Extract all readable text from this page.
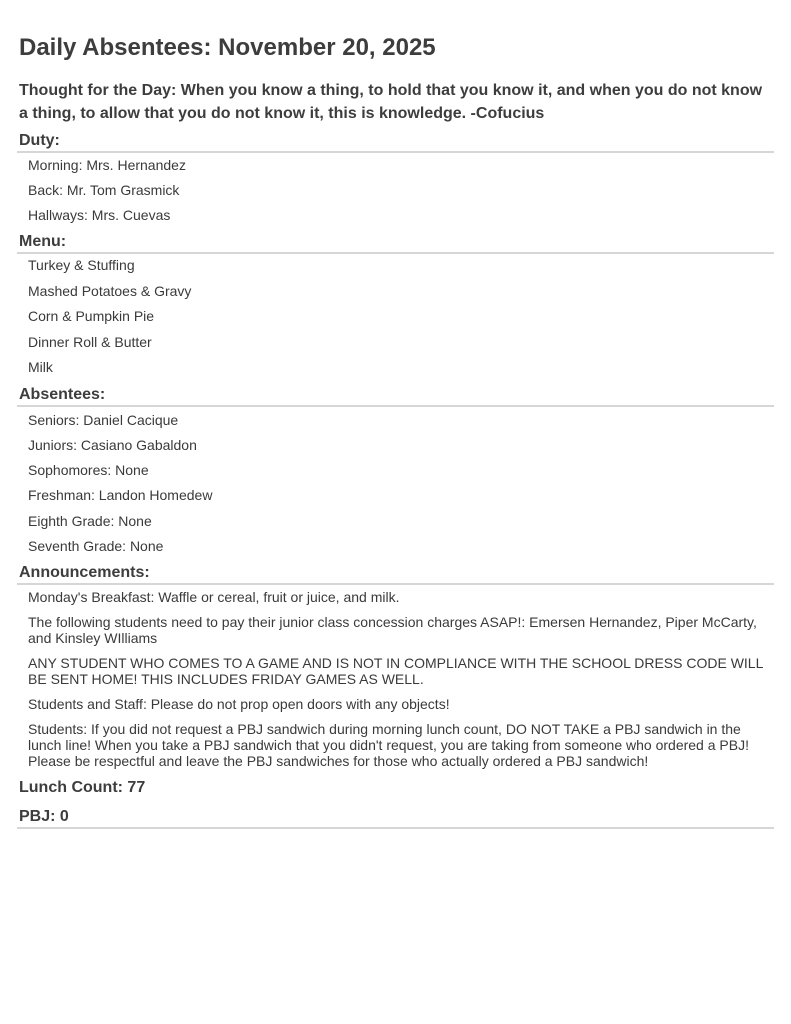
Daily Absentees: November 20, 2025
Thought for the Day: When you know a thing, to hold that you know it, and when you do not know a thing, to allow that you do not know it, this is knowledge. -Cofucius
Duty:
Morning: Mrs. Hernandez
Back: Mr. Tom Grasmick
Hallways: Mrs. Cuevas
Menu:
Turkey & Stuffing
Mashed Potatoes & Gravy
Corn & Pumpkin Pie
Dinner Roll & Butter
Milk
Absentees:
Seniors: Daniel Cacique
Juniors: Casiano Gabaldon
Sophomores: None
Freshman: Landon Homedew
Eighth Grade: None
Seventh Grade: None
Announcements:
Monday's Breakfast: Waffle or cereal, fruit or juice, and milk.
The following students need to pay their junior class concession charges ASAP!: Emersen Hernandez, Piper McCarty, and Kinsley WIlliams
ANY STUDENT WHO COMES TO A GAME AND IS NOT IN COMPLIANCE WITH THE SCHOOL DRESS CODE WILL BE SENT HOME! THIS INCLUDES FRIDAY GAMES AS WELL.
Students and Staff: Please do not prop open doors with any objects!
Students: If you did not request a PBJ sandwich during morning lunch count, DO NOT TAKE a PBJ sandwich in the lunch line! When you take a PBJ sandwich that you didn't request, you are taking from someone who ordered a PBJ! Please be respectful and leave the PBJ sandwiches for those who actually ordered a PBJ sandwich!
Lunch Count: 77
PBJ: 0
